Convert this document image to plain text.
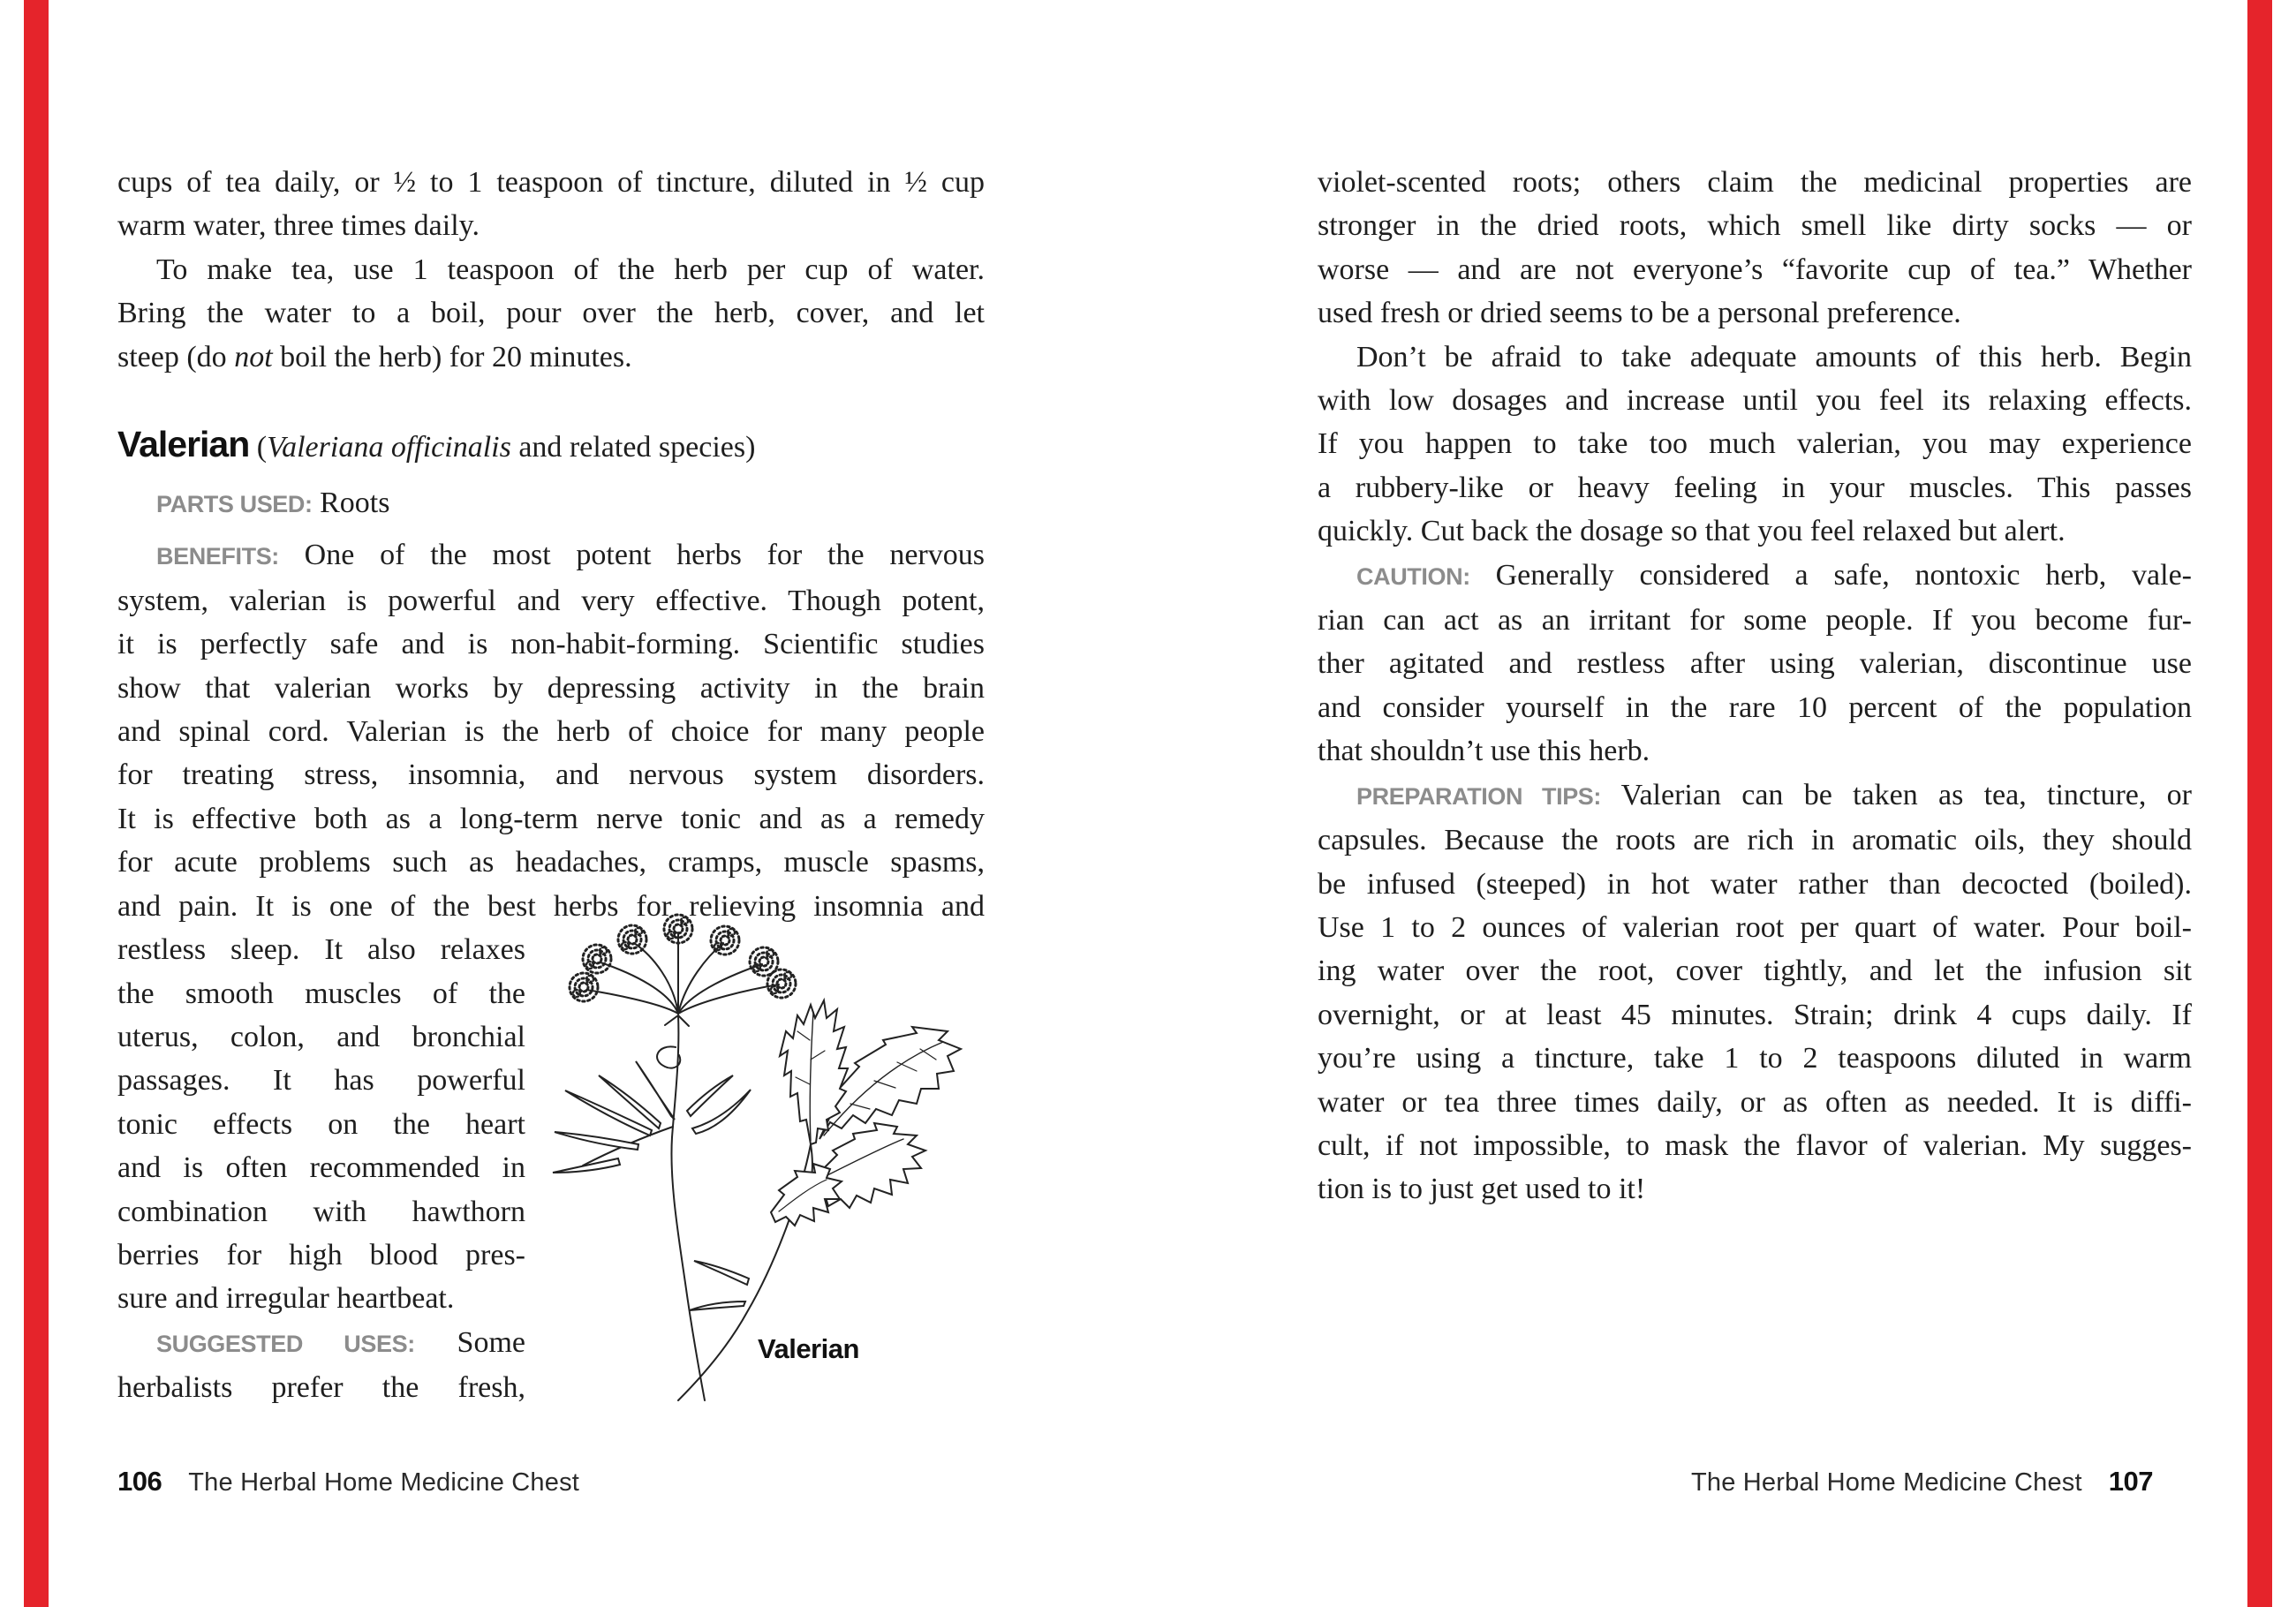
cups of tea daily, or ½ to 1 teaspoon of tincture, diluted in ½ cup
warm water, three times daily.
To make tea, use 1 teaspoon of the herb per cup of water.
Bring the water to a boil, pour over the herb, cover, and let
steep (do not boil the herb) for 20 minutes.
Valerian (Valeriana officinalis and related species)
PARTS USED: Roots
BENEFITS: One of the most potent herbs for the nervous
system, valerian is powerful and very effective. Though potent,
it is perfectly safe and is non-habit-forming. Scientific studies
show that valerian works by depressing activity in the brain
and spinal cord. Valerian is the herb of choice for many people
for treating stress, insomnia, and nervous system disorders.
It is effective both as a long-term nerve tonic and as a remedy
for acute problems such as headaches, cramps, muscle spasms,
and pain. It is one of the best herbs for relieving insomnia and
restless sleep. It also relaxes
the smooth muscles of the
uterus, colon, and bronchial
passages. It has powerful
tonic effects on the heart
and is often recommended in
combination with hawthorn
berries for high blood pres-
sure and irregular heartbeat.
SUGGESTED USES: Some
herbalists prefer the fresh,
violet-scented roots; others claim the medicinal properties are
stronger in the dried roots, which smell like dirty socks — or
worse — and are not everyone’s “favorite cup of tea.” Whether
used fresh or dried seems to be a personal preference.
Don’t be afraid to take adequate amounts of this herb. Begin
with low dosages and increase until you feel its relaxing effects.
If you happen to take too much valerian, you may experience
a rubbery-like or heavy feeling in your muscles. This passes
quickly. Cut back the dosage so that you feel relaxed but alert.
CAUTION: Generally considered a safe, nontoxic herb, vale-
rian can act as an irritant for some people. If you become fur-
ther agitated and restless after using valerian, discontinue use
and consider yourself in the rare 10 percent of the population
that shouldn’t use this herb.
PREPARATION TIPS: Valerian can be taken as tea, tincture, or
capsules. Because the roots are rich in aromatic oils, they should
be infused (steeped) in hot water rather than decocted (boiled).
Use 1 to 2 ounces of valerian root per quart of water. Pour boil-
ing water over the root, cover tightly, and let the infusion sit
overnight, or at least 45 minutes. Strain; drink 4 cups daily. If
you’re using a tincture, take 1 to 2 teaspoons diluted in warm
water or tea three times daily, or as often as needed. It is diffi-
cult, if not impossible, to mask the flavor of valerian. My sugges-
tion is to just get used to it!
Valerian
106 The Herbal Home Medicine Chest	The Herbal Home Medicine Chest 107
